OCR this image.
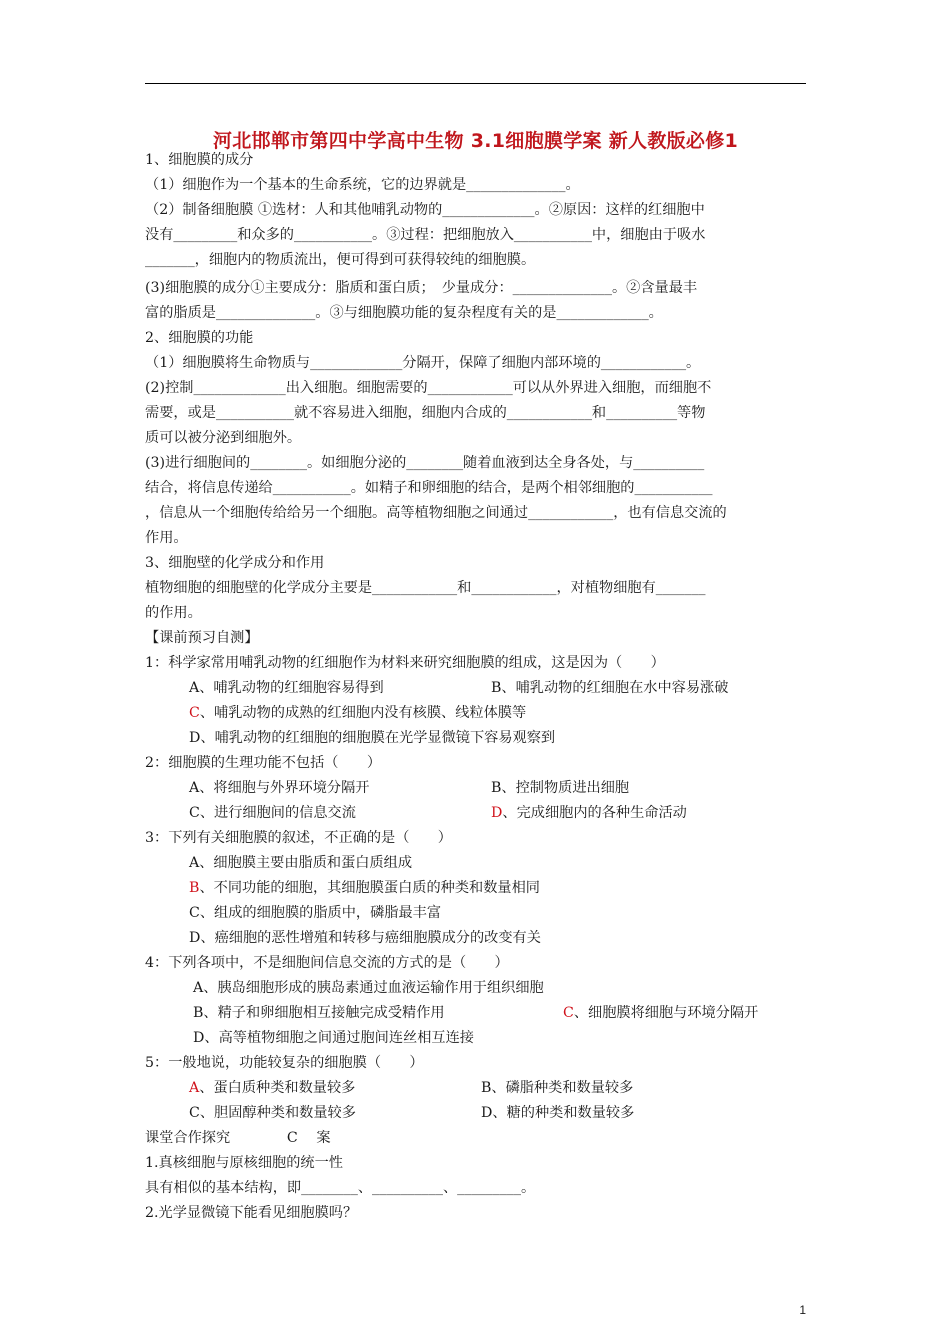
河北邯郸市第四中学高中生物 3.1细胞膜学案 新人教版必修1
1、细胞膜的成分
（1）细胞作为一个基本的生命系统，它的边界就是______________。
（2）制备细胞膜 ①选材：人和其他哺乳动物的_____________。②原因：这样的红细胞中
没有_________和众多的___________。③过程：把细胞放入___________中，细胞由于吸水
_______，细胞内的物质流出，便可得到可获得较纯的细胞膜。
(3)细胞膜的成分①主要成分：脂质和蛋白质；　少量成分：______________。②含量最丰
富的脂质是______________。③与细胞膜功能的复杂程度有关的是_____________。
2、细胞膜的功能
（1）细胞膜将生命物质与_____________分隔开，保障了细胞内部环境的____________。
(2)控制_____________出入细胞。细胞需要的____________可以从外界进入细胞，而细胞不
需要，或是___________就不容易进入细胞，细胞内合成的____________和__________等物
质可以被分泌到细胞外。
(3)进行细胞间的________。如细胞分泌的________随着血液到达全身各处，与__________
结合，将信息传递给___________。如精子和卵细胞的结合，是两个相邻细胞的___________
，信息从一个细胞传给给另一个细胞。高等植物细胞之间通过____________，也有信息交流的
作用。
3、细胞壁的化学成分和作用
植物细胞的细胞壁的化学成分主要是____________和____________，对植物细胞有_______
的作用。
【课前预习自测】
1：科学家常用哺乳动物的红细胞作为材料来研究细胞膜的组成，这是因为（　　）
A、哺乳动物的红细胞容易得到	B、哺乳动物的红细胞在水中容易涨破
C、哺乳动物的成熟的红细胞内没有核膜、线粒体膜等
D、哺乳动物的红细胞的细胞膜在光学显微镜下容易观察到
2：细胞膜的生理功能不包括（　　）
A、将细胞与外界环境分隔开	B、控制物质进出细胞
C、进行细胞间的信息交流	D、完成细胞内的各种生命活动
3：下列有关细胞膜的叙述，不正确的是（　　）
A、细胞膜主要由脂质和蛋白质组成
B、不同功能的细胞，其细胞膜蛋白质的种类和数量相同
C、组成的细胞膜的脂质中，磷脂最丰富
D、癌细胞的恶性增殖和转移与癌细胞膜成分的改变有关
4：下列各项中，不是细胞间信息交流的方式的是（　　）
A、胰岛细胞形成的胰岛素通过血液运输作用于组织细胞
B、精子和卵细胞相互接触完成受精作用	C、细胞膜将细胞与环境分隔开
D、高等植物细胞之间通过胞间连丝相互连接
5：一般地说，功能较复杂的细胞膜（　　）
A、蛋白质种类和数量较多	B、磷脂种类和数量较多
C、胆固醇种类和数量较多	D、糖的种类和数量较多
课堂合作探究　　　　C　 案
1.真核细胞与原核细胞的统一性
具有相似的基本结构，即________、__________、_________。
2.光学显微镜下能看见细胞膜吗？
1
